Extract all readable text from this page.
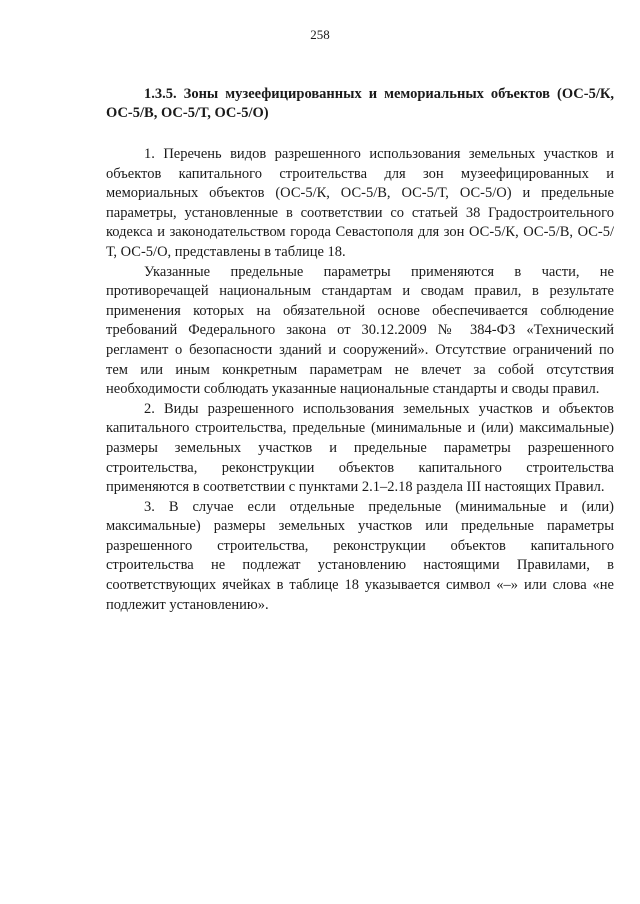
258

1.3.5. Зоны музеефицированных и мемориальных объектов (ОС-5/К, ОС-5/В, ОС-5/Т, ОС-5/О)

1. Перечень видов разрешенного использования земельных участков и объектов капитального строительства для зон музеефицированных и мемориальных объектов (ОС-5/К, ОС-5/В, ОС-5/Т, ОС-5/О) и предельные параметры, установленные в соответствии со статьей 38 Градостроительного кодекса и законодательством города Севастополя для зон ОС-5/К, ОС-5/В, ОС-5/Т, ОС-5/О, представлены в таблице 18.

Указанные предельные параметры применяются в части, не противоречащей национальным стандартам и сводам правил, в результате применения которых на обязательной основе обеспечивается соблюдение требований Федерального закона от 30.12.2009 № 384-ФЗ «Технический регламент о безопасности зданий и сооружений». Отсутствие ограничений по тем или иным конкретным параметрам не влечет за собой отсутствия необходимости соблюдать указанные национальные стандарты и своды правил.

2. Виды разрешенного использования земельных участков и объектов капитального строительства, предельные (минимальные и (или) максимальные) размеры земельных участков и предельные параметры разрешенного строительства, реконструкции объектов капитального строительства применяются в соответствии с пунктами 2.1–2.18 раздела III настоящих Правил.

3. В случае если отдельные предельные (минимальные и (или) максимальные) размеры земельных участков или предельные параметры разрешенного строительства, реконструкции объектов капитального строительства не подлежат установлению настоящими Правилами, в соответствующих ячейках в таблице 18 указывается символ «–» или слова «не подлежит установлению».
